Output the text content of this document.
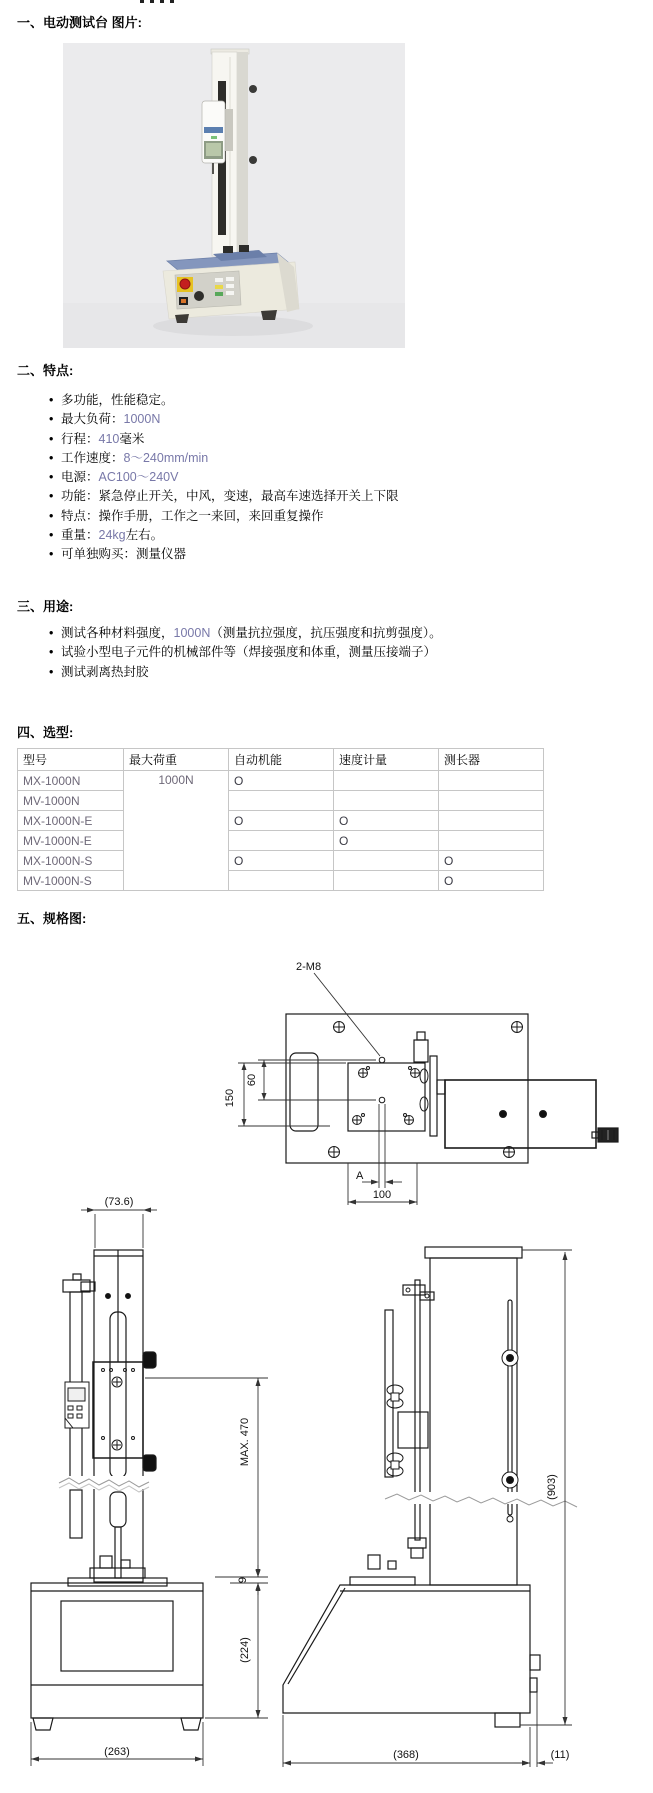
一、电动测试台 图片:
二、特点:
• 多功能，性能稳定。
• 最大负荷：1000N
• 行程：410毫米
• 工作速度：8〜240mm/min
• 电源：AC100〜240V
• 功能：紧急停止开关，中风，变速，最高车速选择开关上下限
• 特点：操作手册，工作之一来回，来回重复操作
• 重量：24kg左右。
• 可单独购买：测量仪器
三、用途:
• 测试各种材料强度，1000N（测量抗拉强度，抗压强度和抗剪强度）。
• 试验小型电子元件的机械部件等（焊接强度和体重，测量压接端子）
• 测试剥离热封胶
四、选型:
型号	最大荷重	自动机能	速度计量	测长器
MX-1000N	1000N	O		
MV-1000N				
MX-1000N-E		O	O	
MV-1000N-E			O	
MX-1000N-S		O		O
MV-1000N-S				O
五、规格图:
2-M8
150
60
A
100
(73.6)
(263)
MAX. 470
9
(224)
(903)
(368)	(11)
